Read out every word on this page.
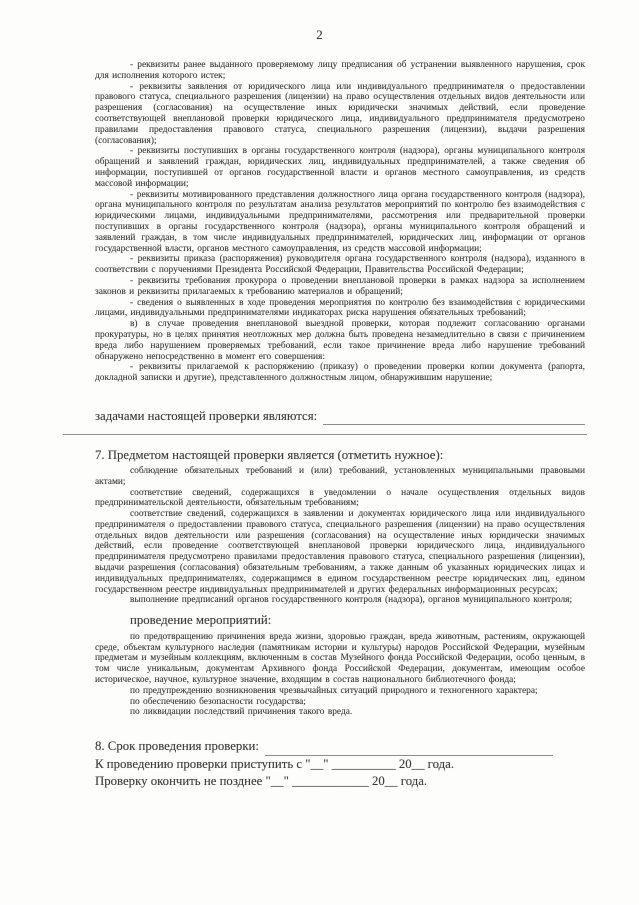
2

- реквизиты ранее выданного проверяемому лицу предписания об устранении выявленного нарушения, срок для исполнения которого истек;

- реквизиты заявления от юридического лица или индивидуального предпринимателя о предоставлении правового статуса, специального разрешения (лицензии) на право осуществления отдельных видов деятельности или разрешения (согласования) на осуществление иных юридически значимых действий, если проведение соответствующей внеплановой проверки юридического лица, индивидуального предпринимателя предусмотрено правилами предоставления правового статуса, специального разрешения (лицензии), выдачи разрешения (согласования);

- реквизиты поступивших в органы государственного контроля (надзора), органы муниципального контроля обращений и заявлений граждан, юридических лиц, индивидуальных предпринимателей, а также сведения об информации, поступившей от органов государственной власти и органов местного самоуправления, из средств массовой информации;

- реквизиты мотивированного представления должностного лица органа государственного контроля (надзора), органа муниципального контроля по результатам анализа результатов мероприятий по контролю без взаимодействия с юридическими лицами, индивидуальными предпринимателями, рассмотрения или предварительной проверки поступивших в органы государственного контроля (надзора), органы муниципального контроля обращений и заявлений граждан, в том числе индивидуальных предпринимателей, юридических лиц, информации от органов государственной власти, органов местного самоуправления, из средств массовой информации;

- реквизиты приказа (распоряжения) руководителя органа государственного контроля (надзора), изданного в соответствии с поручениями Президента Российской Федерации, Правительства Российской Федерации;

- реквизиты требования прокурора о проведении внеплановой проверки в рамках надзора за исполнением законов и реквизиты прилагаемых к требованию материалов и обращений;

- сведения о выявленных в ходе проведения мероприятия по контролю без взаимодействия с юридическими лицами, индивидуальными предпринимателями индикаторах риска нарушения обязательных требований;

в) в случае проведения внеплановой выездной проверки, которая подлежит согласованию органами прокуратуры, но в целях принятия неотложных мер должна быть проведена незамедлительно в связи с причинением вреда либо нарушением проверяемых требований, если такое причинение вреда либо нарушение требований обнаружено непосредственно в момент его совершения:

- реквизиты прилагаемой к распоряжению (приказу) о проведении проверки копии документа (рапорта, докладной записки и другие), представленного должностным лицом, обнаружившим нарушение;

задачами настоящей проверки являются:
7. Предметом настоящей проверки является (отметить нужное):

соблюдение обязательных требований и (или) требований, установленных муниципальными правовыми актами;

соответствие сведений, содержащихся в уведомлении о начале осуществления отдельных видов предпринимательской деятельности, обязательным требованиям;

соответствие сведений, содержащихся в заявлении и документах юридического лица или индивидуального предпринимателя о предоставлении правового статуса, специального разрешения (лицензии) на право осуществления отдельных видов деятельности или разрешения (согласования) на осуществление иных юридически значимых действий, если проведение соответствующей внеплановой проверки юридического лица, индивидуального предпринимателя предусмотрено правилами предоставления правового статуса, специального разрешения (лицензии), выдачи разрешения (согласования) обязательным требованиям, а также данным об указанных юридических лицах и индивидуальных предпринимателях, содержащимся в едином государственном реестре юридических лиц, едином государственном реестре индивидуальных предпринимателей и других федеральных информационных ресурсах;

выполнение предписаний органов государственного контроля (надзора), органов муниципального контроля;

проведение мероприятий:

по предотвращению причинения вреда жизни, здоровью граждан, вреда животным, растениям, окружающей среде, объектам культурного наследия (памятникам истории и культуры) народов Российской Федерации, музейным предметам и музейным коллекциям, включенным в состав Музейного фонда Российской Федерации, особо ценным, в том числе уникальным, документам Архивного фонда Российской Федерации, документам, имеющим особое историческое, научное, культурное значение, входящим в состав национального библиотечного фонда;

по предупреждению возникновения чрезвычайных ситуаций природного и техногенного характера;

по обеспечению безопасности государства;

по ликвидации последствий причинения такого вреда.

8. Срок проведения проверки:
К проведению проверки приступить с "__" __________ 20__ года.
Проверку окончить не позднее "__" ____________ 20__ года.
